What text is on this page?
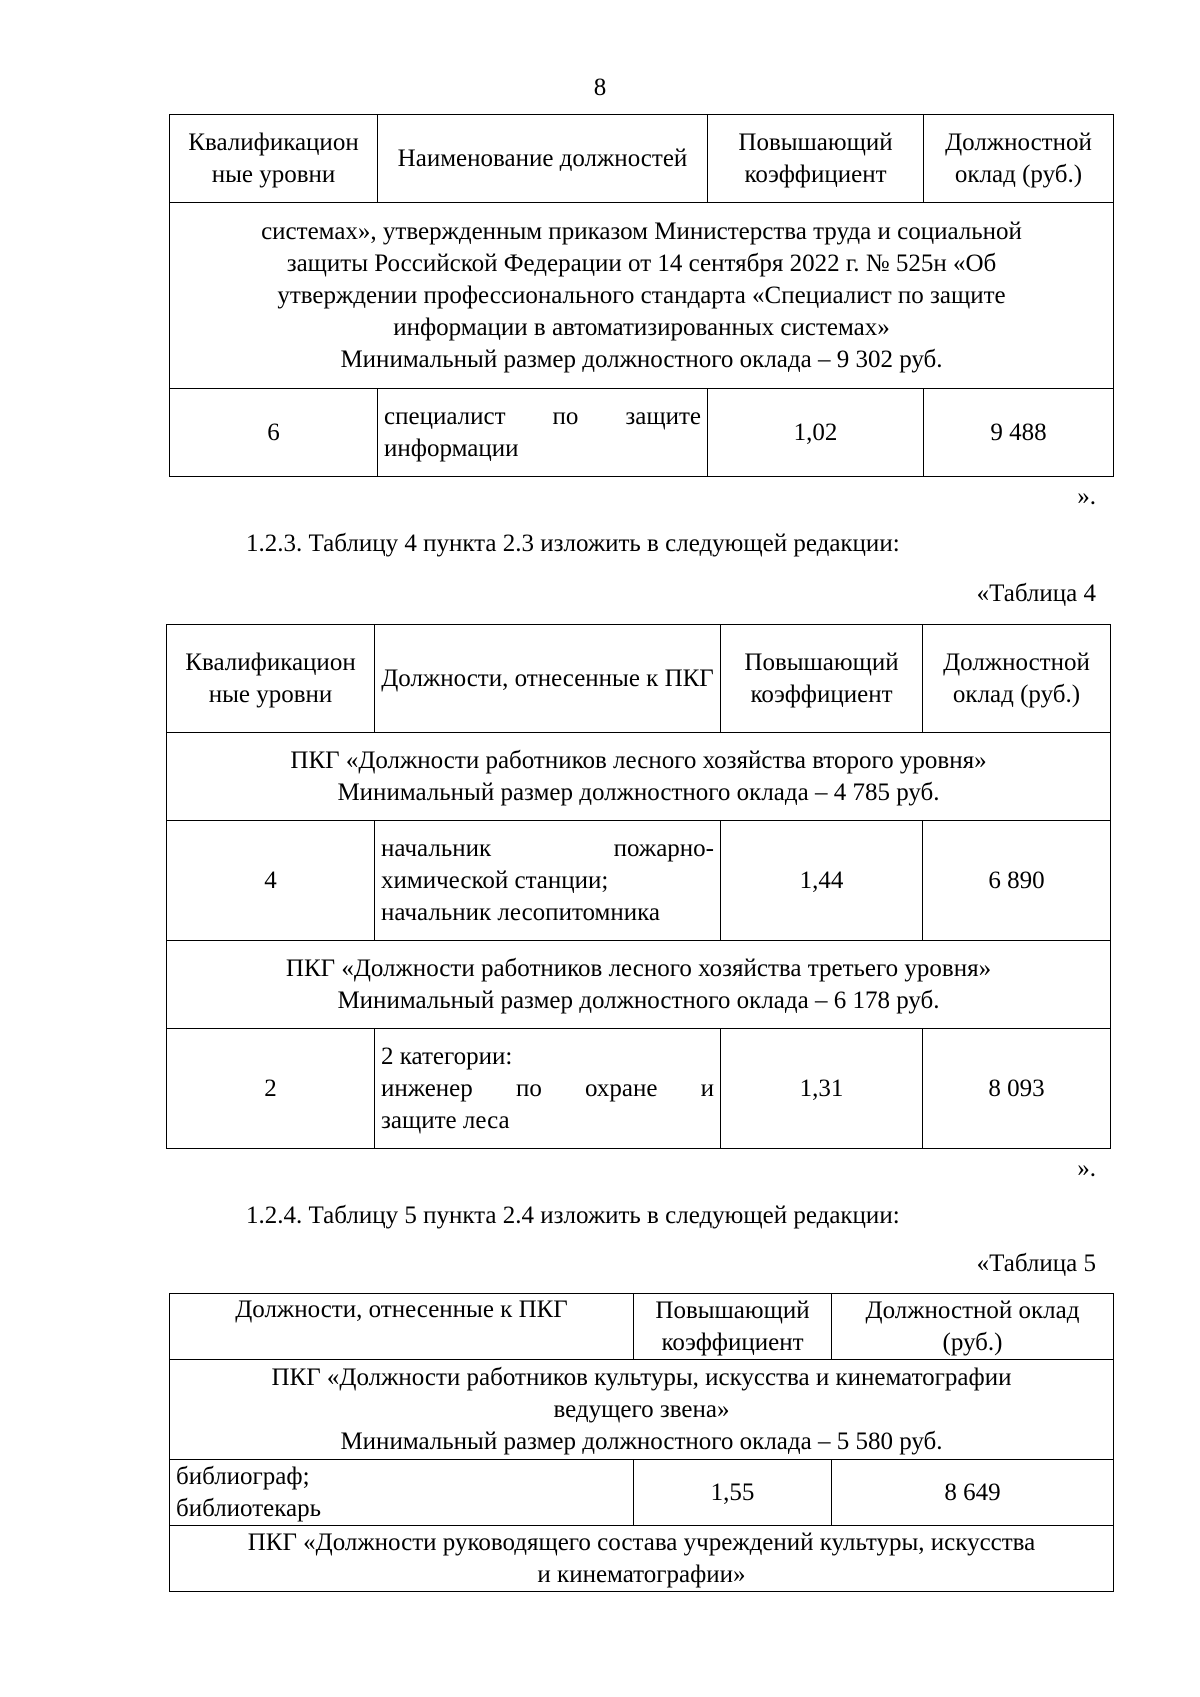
8
Квалификацион ные уровни	Наименование должностей	Повышающий коэффициент	Должностной оклад (руб.)

системах», утвержденным приказом Министерства труда и социальной
защиты Российской Федерации от 14 сентября 2022 г. № 525н «Об
утверждении профессионального стандарта «Специалист по защите
информации в автоматизированных системах»
Минимальный размер должностного оклада – 9 302 руб.			

6	специалист по защите информации	1,02	9 488
».
1.2.3. Таблицу 4 пункта 2.3 изложить в следующей редакции:
«Таблица 4
Квалификацион ные уровни	Должности, отнесенные к ПКГ	Повышающий коэффициент	Должностной оклад (руб.)

ПКГ «Должности работников лесного хозяйства второго уровня»
Минимальный размер должностного оклада – 4 785 руб.			

4	начальник пожарно-
химической станции;
начальник лесопитомника	1,44	6 890

ПКГ «Должности работников лесного хозяйства третьего уровня»
Минимальный размер должностного оклада – 6 178 руб.			

2	2 категории:
инженер по охране и
защите леса	1,31	8 093
».
1.2.4. Таблицу 5 пункта 2.4 изложить в следующей редакции:
«Таблица 5
Должности, отнесенные к ПКГ	Повышающий коэффициент	Должностной оклад (руб.)

ПКГ «Должности работников культуры, искусства и кинематографии
ведущего звена»
Минимальный размер должностного оклада – 5 580 руб.		

библиограф;
библиотекарь	1,55	8 649

ПКГ «Должности руководящего состава учреждений культуры, искусства
и кинематографии»		
